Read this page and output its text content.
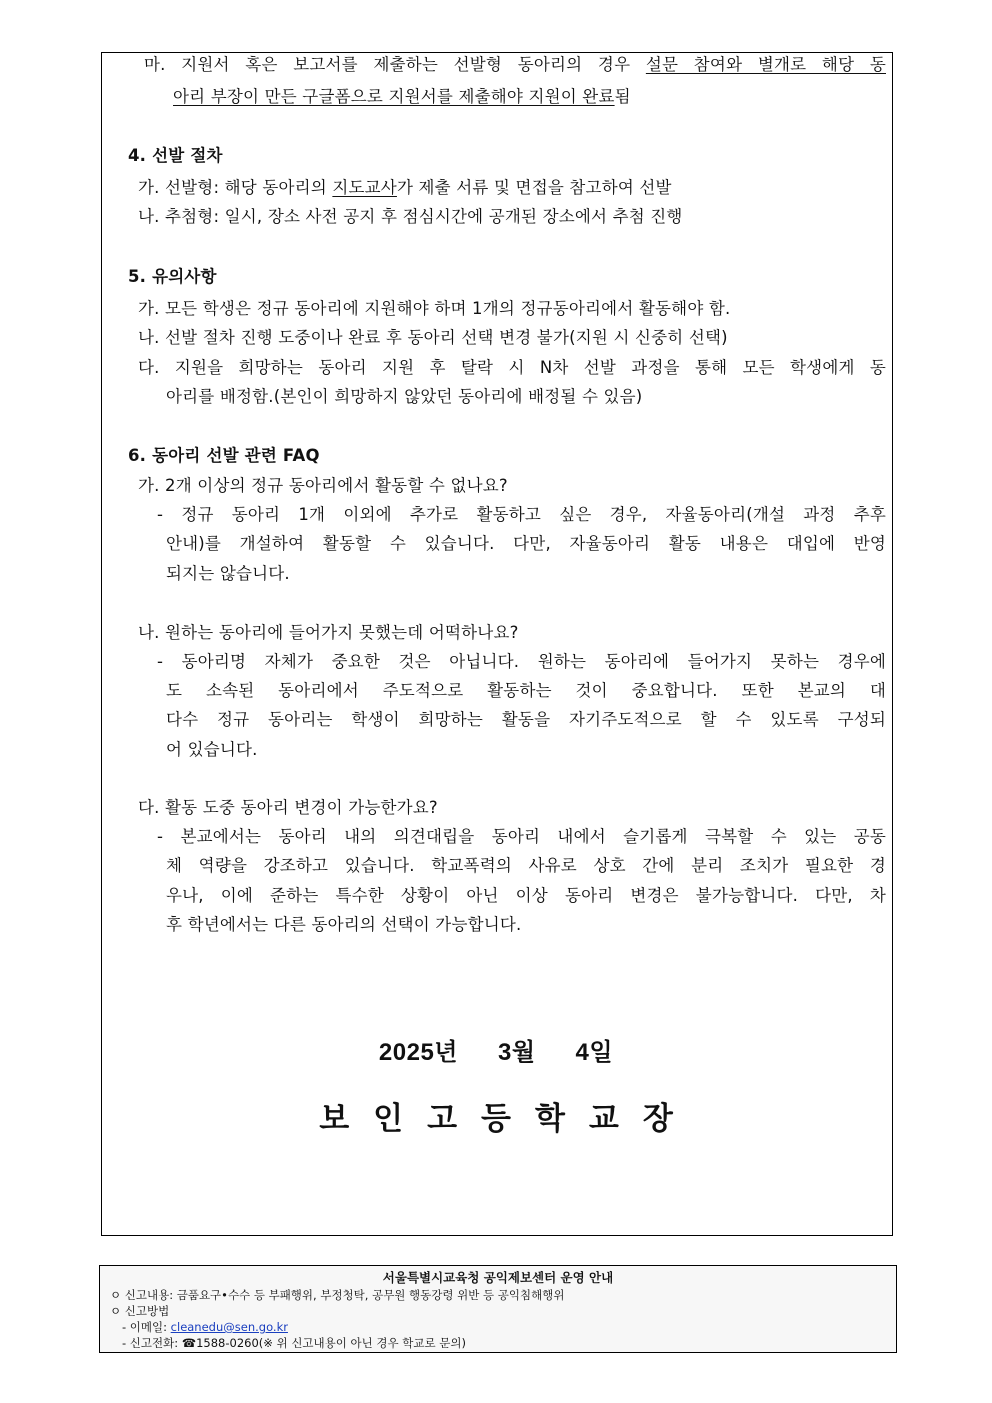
마. 지원서 혹은 보고서를 제출하는 선발형 동아리의 경우 설문 참여와 별개로 해당 동
아리 부장이 만든 구글폼으로 지원서를 제출해야 지원이 완료됨
4. 선발 절차
가. 선발형: 해당 동아리의 지도교사가 제출 서류 및 면접을 참고하여 선발
나. 추첨형: 일시, 장소 사전 공지 후 점심시간에 공개된 장소에서 추첨 진행
5. 유의사항
가. 모든 학생은 정규 동아리에 지원해야 하며 1개의 정규동아리에서 활동해야 함.
나. 선발 절차 진행 도중이나 완료 후 동아리 선택 변경 불가(지원 시 신중히 선택)
다. 지원을 희망하는 동아리 지원 후 탈락 시 N차 선발 과정을 통해 모든 학생에게 동
아리를 배정함.(본인이 희망하지 않았던 동아리에 배정될 수 있음)
6. 동아리 선발 관련 FAQ
가. 2개 이상의 정규 동아리에서 활동할 수 없나요?
- 정규 동아리 1개 이외에 추가로 활동하고 싶은 경우, 자율동아리(개설 과정 추후
안내)를 개설하여 활동할 수 있습니다. 다만, 자율동아리 활동 내용은 대입에 반영
되지는 않습니다.
나. 원하는 동아리에 들어가지 못했는데 어떡하나요?
- 동아리명 자체가 중요한 것은 아닙니다. 원하는 동아리에 들어가지 못하는 경우에
도 소속된 동아리에서 주도적으로 활동하는 것이 중요합니다. 또한 본교의 대
다수 정규 동아리는 학생이 희망하는 활동을 자기주도적으로 할 수 있도록 구성되
어 있습니다.
다. 활동 도중 동아리 변경이 가능한가요?
- 본교에서는 동아리 내의 의견대립을 동아리 내에서 슬기롭게 극복할 수 있는 공동
체 역량을 강조하고 있습니다. 학교폭력의 사유로 상호 간에 분리 조치가 필요한 경
우나, 이에 준하는 특수한 상황이 아닌 이상 동아리 변경은 불가능합니다. 다만, 차
후 학년에서는 다른 동아리의 선택이 가능합니다.
2025년 3월 4일
보인고등학교장
서울특별시교육청 공익제보센터 운영 안내
ㅇ 신고내용: 금품요구•수수 등 부패행위, 부정청탁, 공무원 행동강령 위반 등 공익침해행위
ㅇ 신고방법
- 이메일: cleanedu@sen.go.kr
- 신고전화: ☎1588-0260(※ 위 신고내용이 아닌 경우 학교로 문의)
